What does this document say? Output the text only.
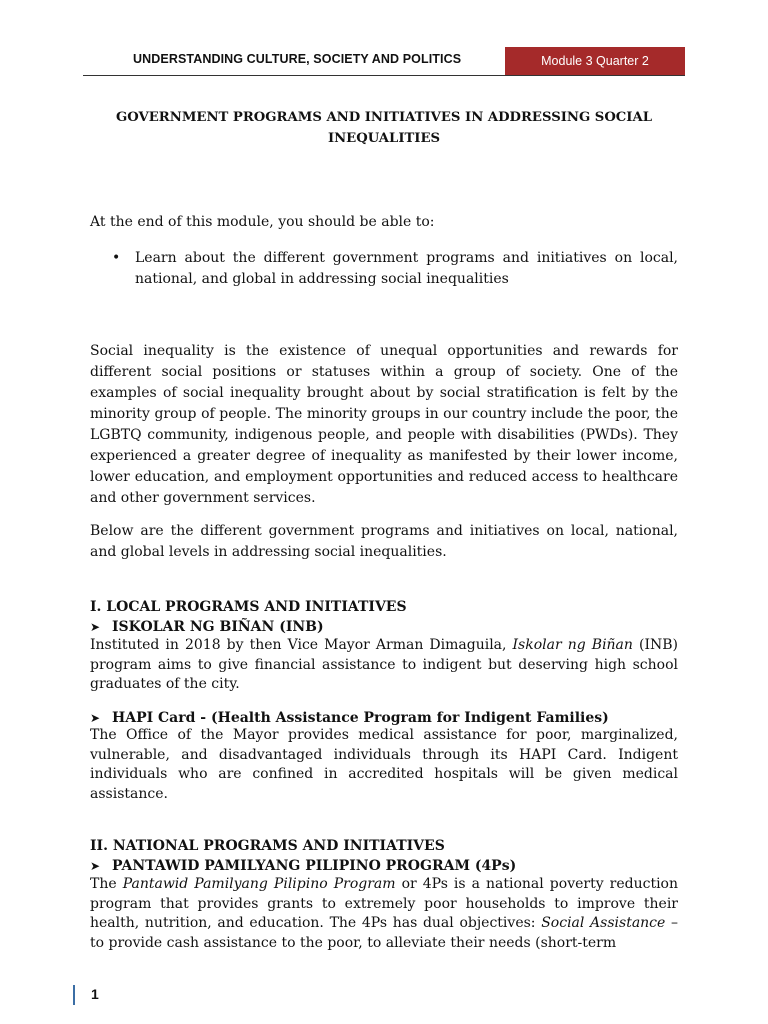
UNDERSTANDING CULTURE, SOCIETY AND POLITICS	Module 3 Quarter 2
GOVERNMENT PROGRAMS AND INITIATIVES IN ADDRESSING SOCIAL
INEQUALITIES
At the end of this module, you should be able to:
• Learn about the different government programs and initiatives on local, national, and global in addressing social inequalities
Social inequality is the existence of unequal opportunities and rewards for different social positions or statuses within a group of society. One of the examples of social inequality brought about by social stratification is felt by the minority group of people. The minority groups in our country include the poor, the LGBTQ community, indigenous people, and people with disabilities (PWDs). They experienced a greater degree of inequality as manifested by their lower income, lower education, and employment opportunities and reduced access to healthcare and other government services.
Below are the different government programs and initiatives on local, national, and global levels in addressing social inequalities.
I. LOCAL PROGRAMS AND INITIATIVES
➤ ISKOLAR NG BIÑAN (INB)
Instituted in 2018 by then Vice Mayor Arman Dimaguila, Iskolar ng Biñan (INB) program aims to give financial assistance to indigent but deserving high school graduates of the city.
➤ HAPI Card - (Health Assistance Program for Indigent Families)
The Office of the Mayor provides medical assistance for poor, marginalized, vulnerable, and disadvantaged individuals through its HAPI Card. Indigent individuals who are confined in accredited hospitals will be given medical assistance.
II. NATIONAL PROGRAMS AND INITIATIVES
➤ PANTAWID PAMILYANG PILIPINO PROGRAM (4Ps)
The Pantawid Pamilyang Pilipino Program or 4Ps is a national poverty reduction program that provides grants to extremely poor households to improve their health, nutrition, and education. The 4Ps has dual objectives: Social Assistance – to provide cash assistance to the poor, to alleviate their needs (short-term
1
